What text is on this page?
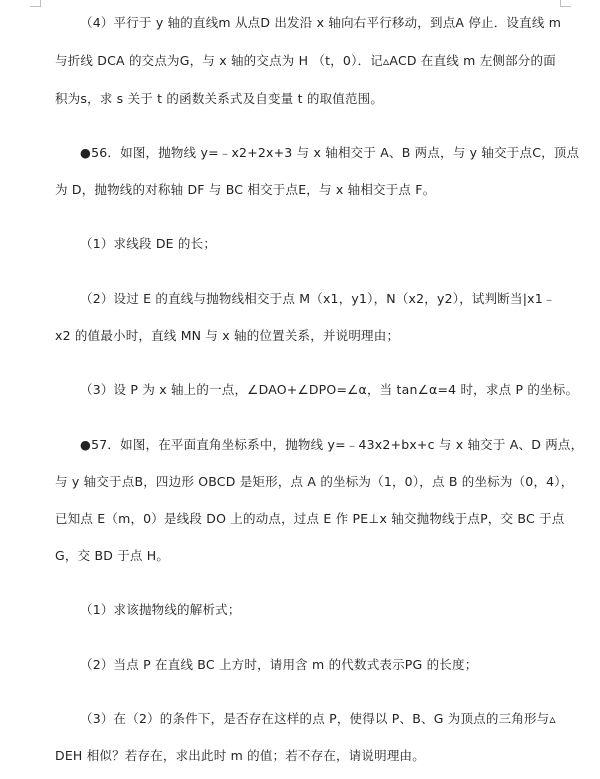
（4）平行于 y 轴的直线m 从点D 出发沿 x 轴向右平行移动，到点A 停止．设直线 m
与折线 DCA 的交点为G，与 x 轴的交点为 H （t，0）．记▵ACD 在直线 m 左侧部分的面
积为s，求 s 关于 t 的函数关系式及自变量 t 的取值范围。
●56．如图，抛物线 y=﹣x2+2x+3 与 x 轴相交于 A、B 两点，与 y 轴交于点C，顶点
为 D，抛物线的对称轴 DF 与 BC 相交于点E，与 x 轴相交于点 F。
（1）求线段 DE 的长；
（2）设过 E 的直线与抛物线相交于点 M（x1，y1），N（x2，y2），试判断当|x1﹣
x2 的值最小时，直线 MN 与 x 轴的位置关系，并说明理由；
（3）设 P 为 x 轴上的一点，∠DAO+∠DPO=∠α，当 tan∠α=4 时，求点 P 的坐标。
●57．如图，在平面直角坐标系中，抛物线 y=﹣43x2+bx+c 与 x 轴交于 A、D 两点，
与 y 轴交于点B，四边形 OBCD 是矩形，点 A 的坐标为（1，0），点 B 的坐标为（0，4），
已知点 E（m，0）是线段 DO 上的动点，过点 E 作 PE⊥x 轴交抛物线于点P，交 BC 于点
G，交 BD 于点 H。
（1）求该抛物线的解析式；
（2）当点 P 在直线 BC 上方时，请用含 m 的代数式表示PG 的长度；
（3）在（2）的条件下，是否存在这样的点 P，使得以 P、B、G 为顶点的三角形与▵
DEH 相似？若存在，求出此时 m 的值；若不存在，请说明理由。
